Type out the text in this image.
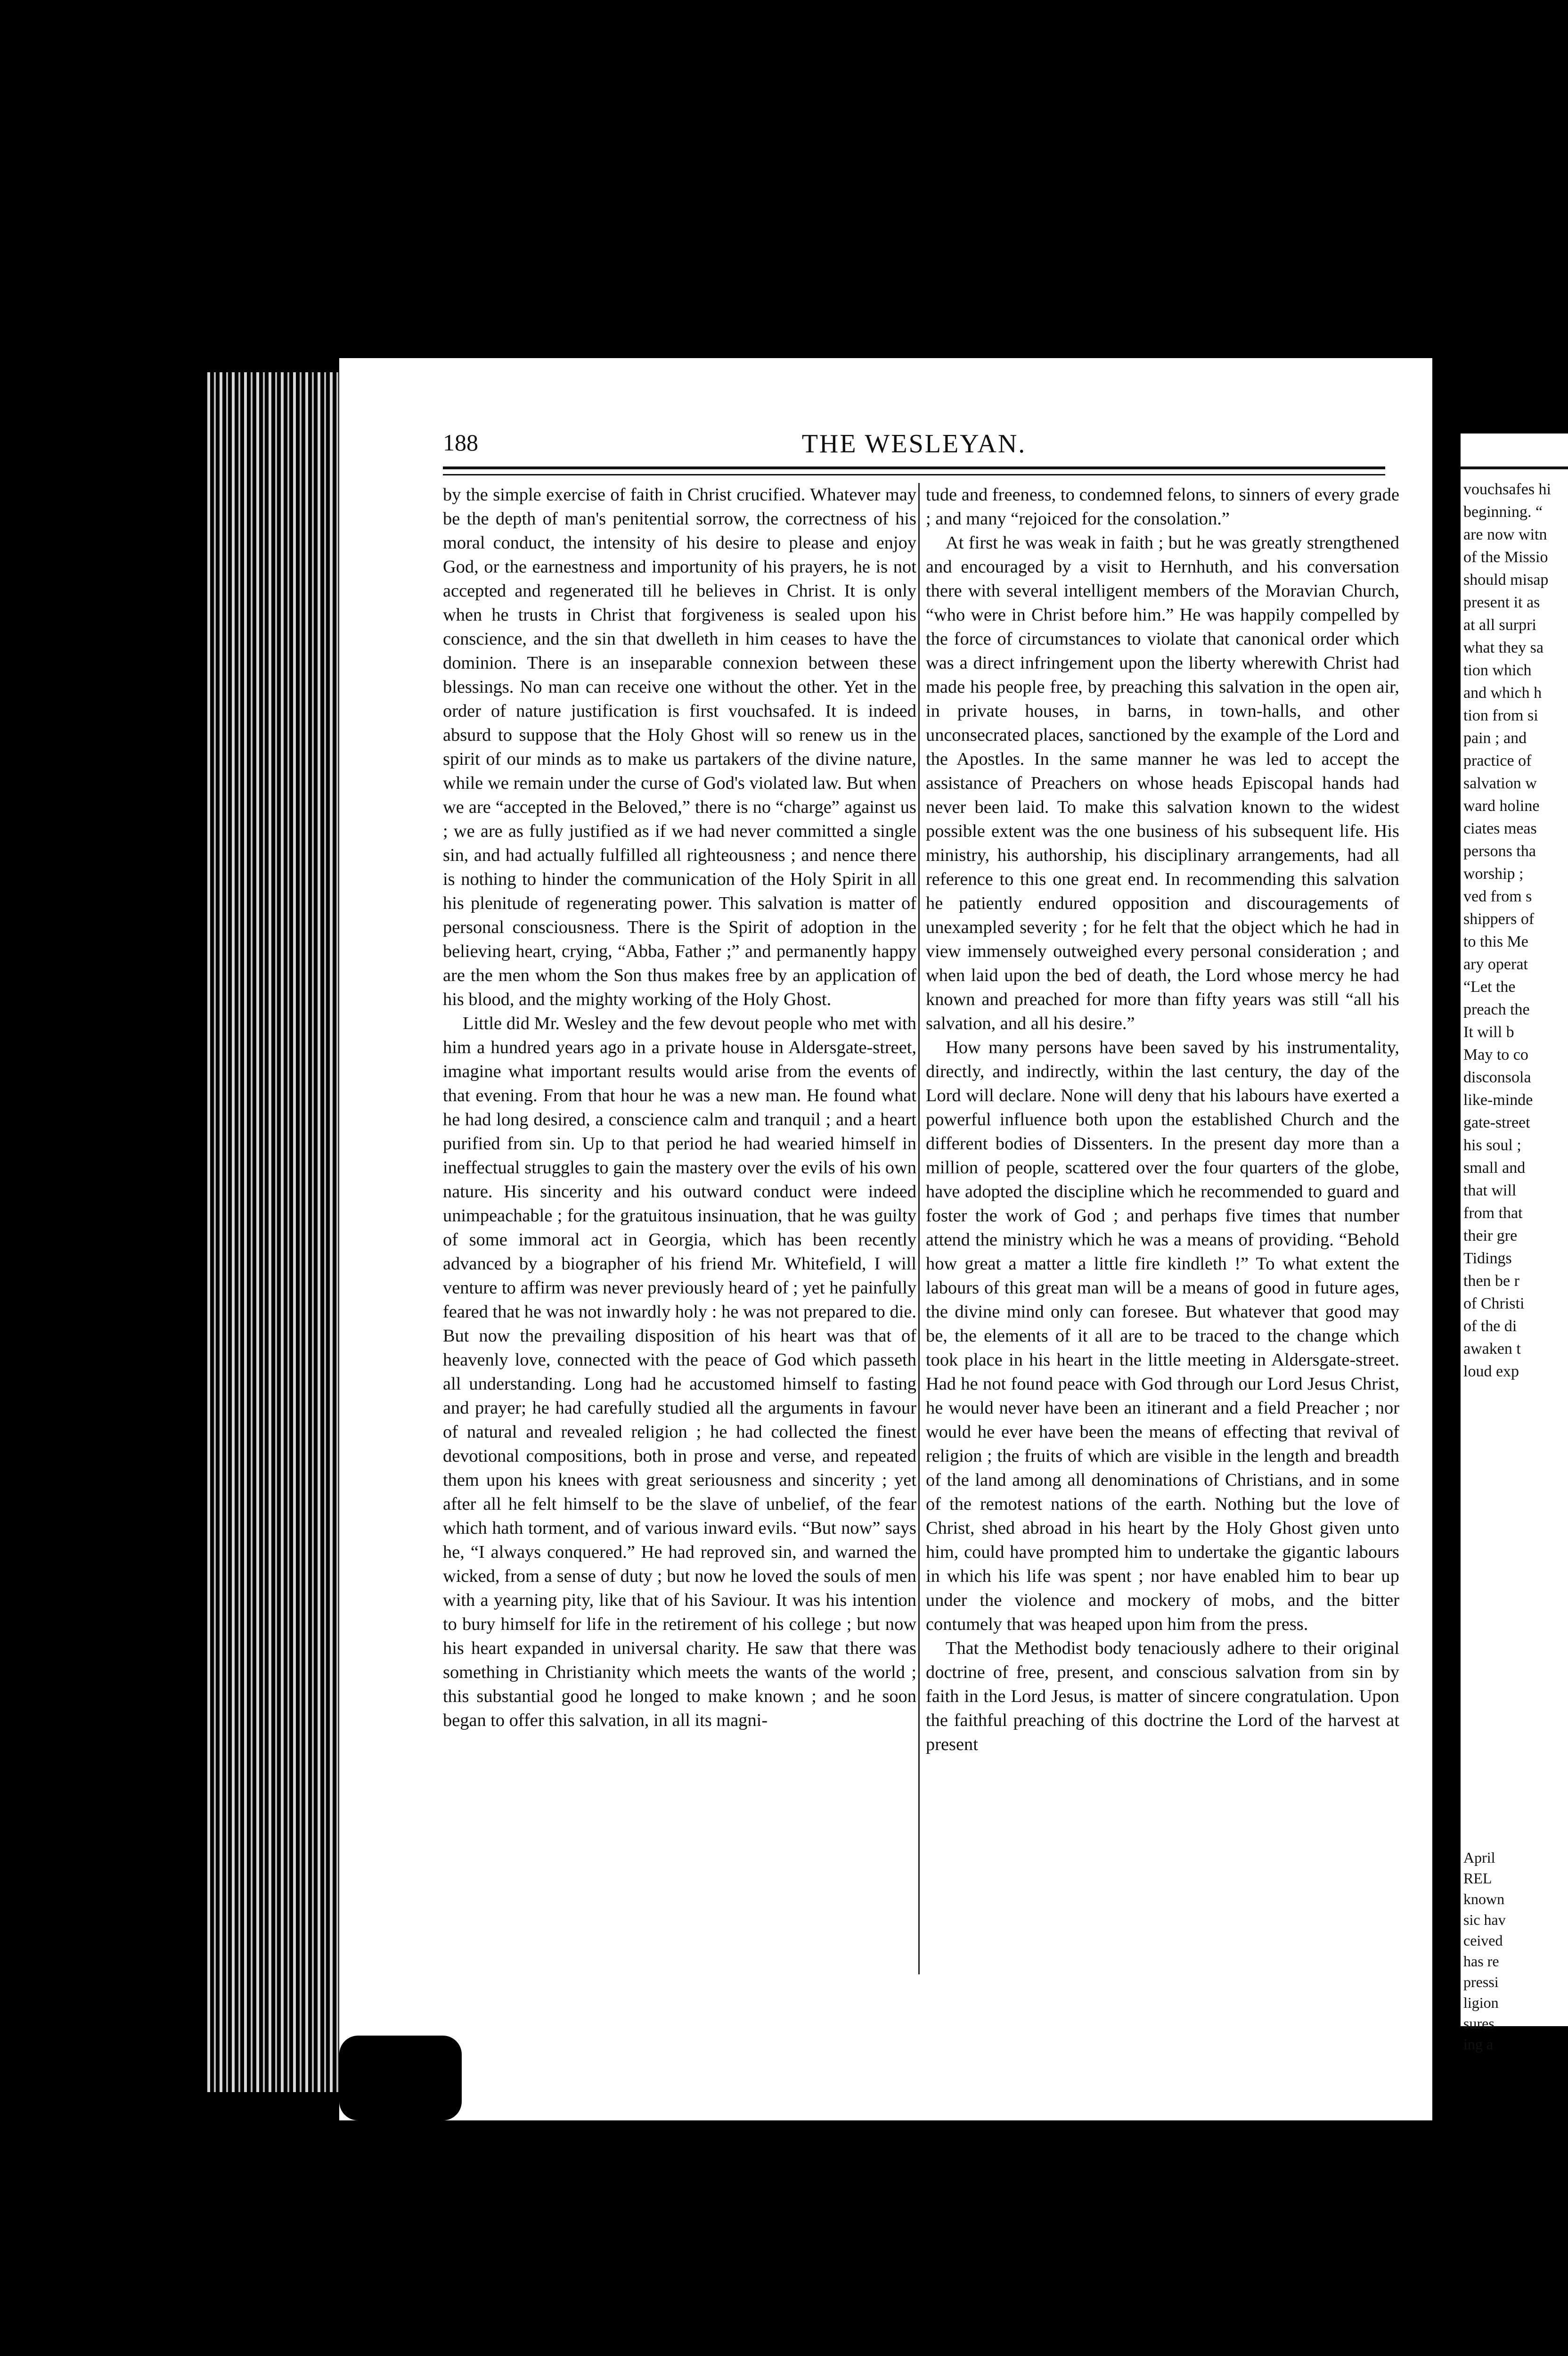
188	THE WESLEYAN.

by the simple exercise of faith in Christ crucified. Whatever may be the depth of man's penitential sorrow, the correctness of his moral conduct, the intensity of his desire to please and enjoy God, or the earnestness and importunity of his prayers, he is not accepted and regenerated till he believes in Christ. It is only when he trusts in Christ that forgiveness is sealed upon his conscience, and the sin that dwelleth in him ceases to have the dominion. There is an inseparable connexion between these blessings. No man can receive one without the other. Yet in the order of nature justification is first vouchsafed. It is indeed absurd to suppose that the Holy Ghost will so renew us in the spirit of our minds as to make us partakers of the divine nature, while we remain under the curse of God's violated law. But when we are “accepted in the Beloved,” there is no “charge” against us ; we are as fully justified as if we had never committed a single sin, and had actually fulfilled all righteousness ; and nence there is nothing to hinder the communication of the Holy Spirit in all his plenitude of regenerating power. This salvation is matter of personal consciousness. There is the Spirit of adoption in the believing heart, crying, “Abba, Father ;” and permanently happy are the men whom the Son thus makes free by an application of his blood, and the mighty working of the Holy Ghost.

Little did Mr. Wesley and the few devout people who met with him a hundred years ago in a private house in Aldersgate-street, imagine what important results would arise from the events of that evening. From that hour he was a new man. He found what he had long desired, a conscience calm and tranquil ; and a heart purified from sin. Up to that period he had wearied himself in ineffectual struggles to gain the mastery over the evils of his own nature. His sincerity and his outward conduct were indeed unimpeachable ; for the gratuitous insinuation, that he was guilty of some immoral act in Georgia, which has been recently advanced by a biographer of his friend Mr. Whitefield, I will venture to affirm was never previously heard of ; yet he painfully feared that he was not inwardly holy : he was not prepared to die. But now the prevailing disposition of his heart was that of heavenly love, connected with the peace of God which passeth all understanding. Long had he accustomed himself to fasting and prayer; he had carefully studied all the arguments in favour of natural and revealed religion ; he had collected the finest devotional compositions, both in prose and verse, and repeated them upon his knees with great seriousness and sincerity ; yet after all he felt himself to be the slave of unbelief, of the fear which hath torment, and of various inward evils. “But now” says he, “I always conquered.” He had reproved sin, and warned the wicked, from a sense of duty ; but now he loved the souls of men with a yearning pity, like that of his Saviour. It was his intention to bury himself for life in the retirement of his college ; but now his heart expanded in universal charity. He saw that there was something in Christianity which meets the wants of the world ; this substantial good he longed to make known ; and he soon began to offer this salvation, in all its magni-

tude and freeness, to condemned felons, to sinners of every grade ; and many “rejoiced for the consolation.”

At first he was weak in faith ; but he was greatly strengthened and encouraged by a visit to Hernhuth, and his conversation there with several intelligent members of the Moravian Church, “who were in Christ before him.” He was happily compelled by the force of circumstances to violate that canonical order which was a direct infringement upon the liberty wherewith Christ had made his people free, by preaching this salvation in the open air, in private houses, in barns, in town-halls, and other unconsecrated places, sanctioned by the example of the Lord and the Apostles. In the same manner he was led to accept the assistance of Preachers on whose heads Episcopal hands had never been laid. To make this salvation known to the widest possible extent was the one business of his subsequent life. His ministry, his authorship, his disciplinary arrangements, had all reference to this one great end. In recommending this salvation he patiently endured opposition and discouragements of unexampled severity ; for he felt that the object which he had in view immensely outweighed every personal consideration ; and when laid upon the bed of death, the Lord whose mercy he had known and preached for more than fifty years was still “all his salvation, and all his desire.”

How many persons have been saved by his instrumentality, directly, and indirectly, within the last century, the day of the Lord will declare. None will deny that his labours have exerted a powerful influence both upon the established Church and the different bodies of Dissenters. In the present day more than a million of people, scattered over the four quarters of the globe, have adopted the discipline which he recommended to guard and foster the work of God ; and perhaps five times that number attend the ministry which he was a means of providing. “Behold how great a matter a little fire kindleth !” To what extent the labours of this great man will be a means of good in future ages, the divine mind only can foresee. But whatever that good may be, the elements of it all are to be traced to the change which took place in his heart in the little meeting in Aldersgate-street. Had he not found peace with God through our Lord Jesus Christ, he would never have been an itinerant and a field Preacher ; nor would he ever have been the means of effecting that revival of religion ; the fruits of which are visible in the length and breadth of the land among all denominations of Christians, and in some of the remotest nations of the earth. Nothing but the love of Christ, shed abroad in his heart by the Holy Ghost given unto him, could have prompted him to undertake the gigantic labours in which his life was spent ; nor have enabled him to bear up under the violence and mockery of mobs, and the bitter contumely that was heaped upon him from the press.

That the Methodist body tenaciously adhere to their original doctrine of free, present, and conscious salvation from sin by faith in the Lord Jesus, is matter of sincere congratulation. Upon the faithful preaching of this doctrine the Lord of the harvest at present

vouchsafes hi
beginning. “
are now witn
of the Missio
should misap
present it as
at all surpri
what they sa
tion which
and which h
tion from si
pain ; and
practice of
salvation w
ward holine
ciates meas
persons tha
worship ;
ved from s
shippers of
to this Me
ary operat
“Let the
preach the
It will b
May to co
disconsola
like-minde
gate-street
his soul ;
small and
that will
from that
their gre
Tidings
then be r
of Christi
of the di
awaken t
loud exp
April
REL
known
sic hav
ceived
has re
pressi
ligion
sures
ing a
